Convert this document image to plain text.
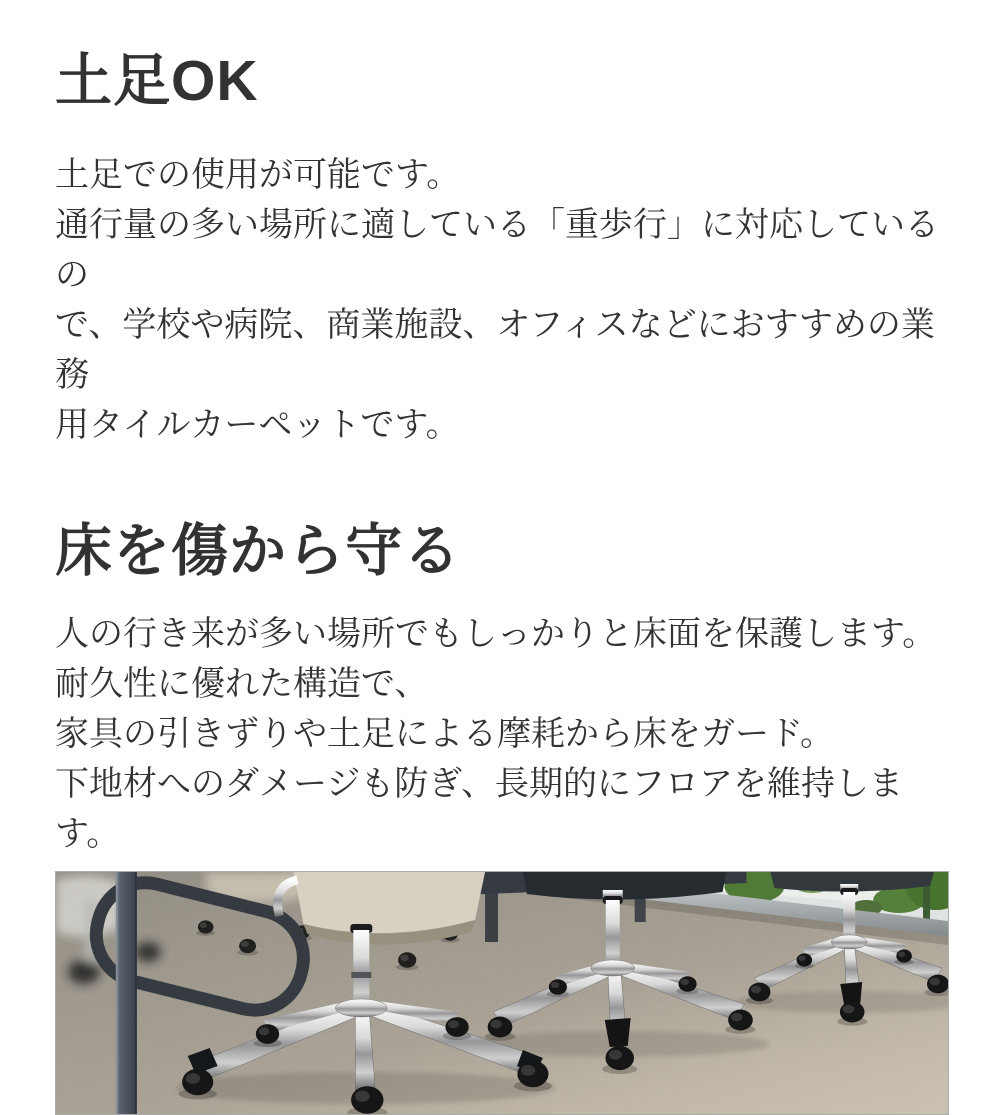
土足OK

土足での使用が可能です。
通行量の多い場所に適している「重歩行」に対応しているの
で、学校や病院、商業施設、オフィスなどにおすすめの業務
用タイルカーペットです。

床を傷から守る

人の行き来が多い場所でもしっかりと床面を保護します。
耐久性に優れた構造で、
家具の引きずりや土足による摩耗から床をガード。
下地材へのダメージも防ぎ、長期的にフロアを維持します。
